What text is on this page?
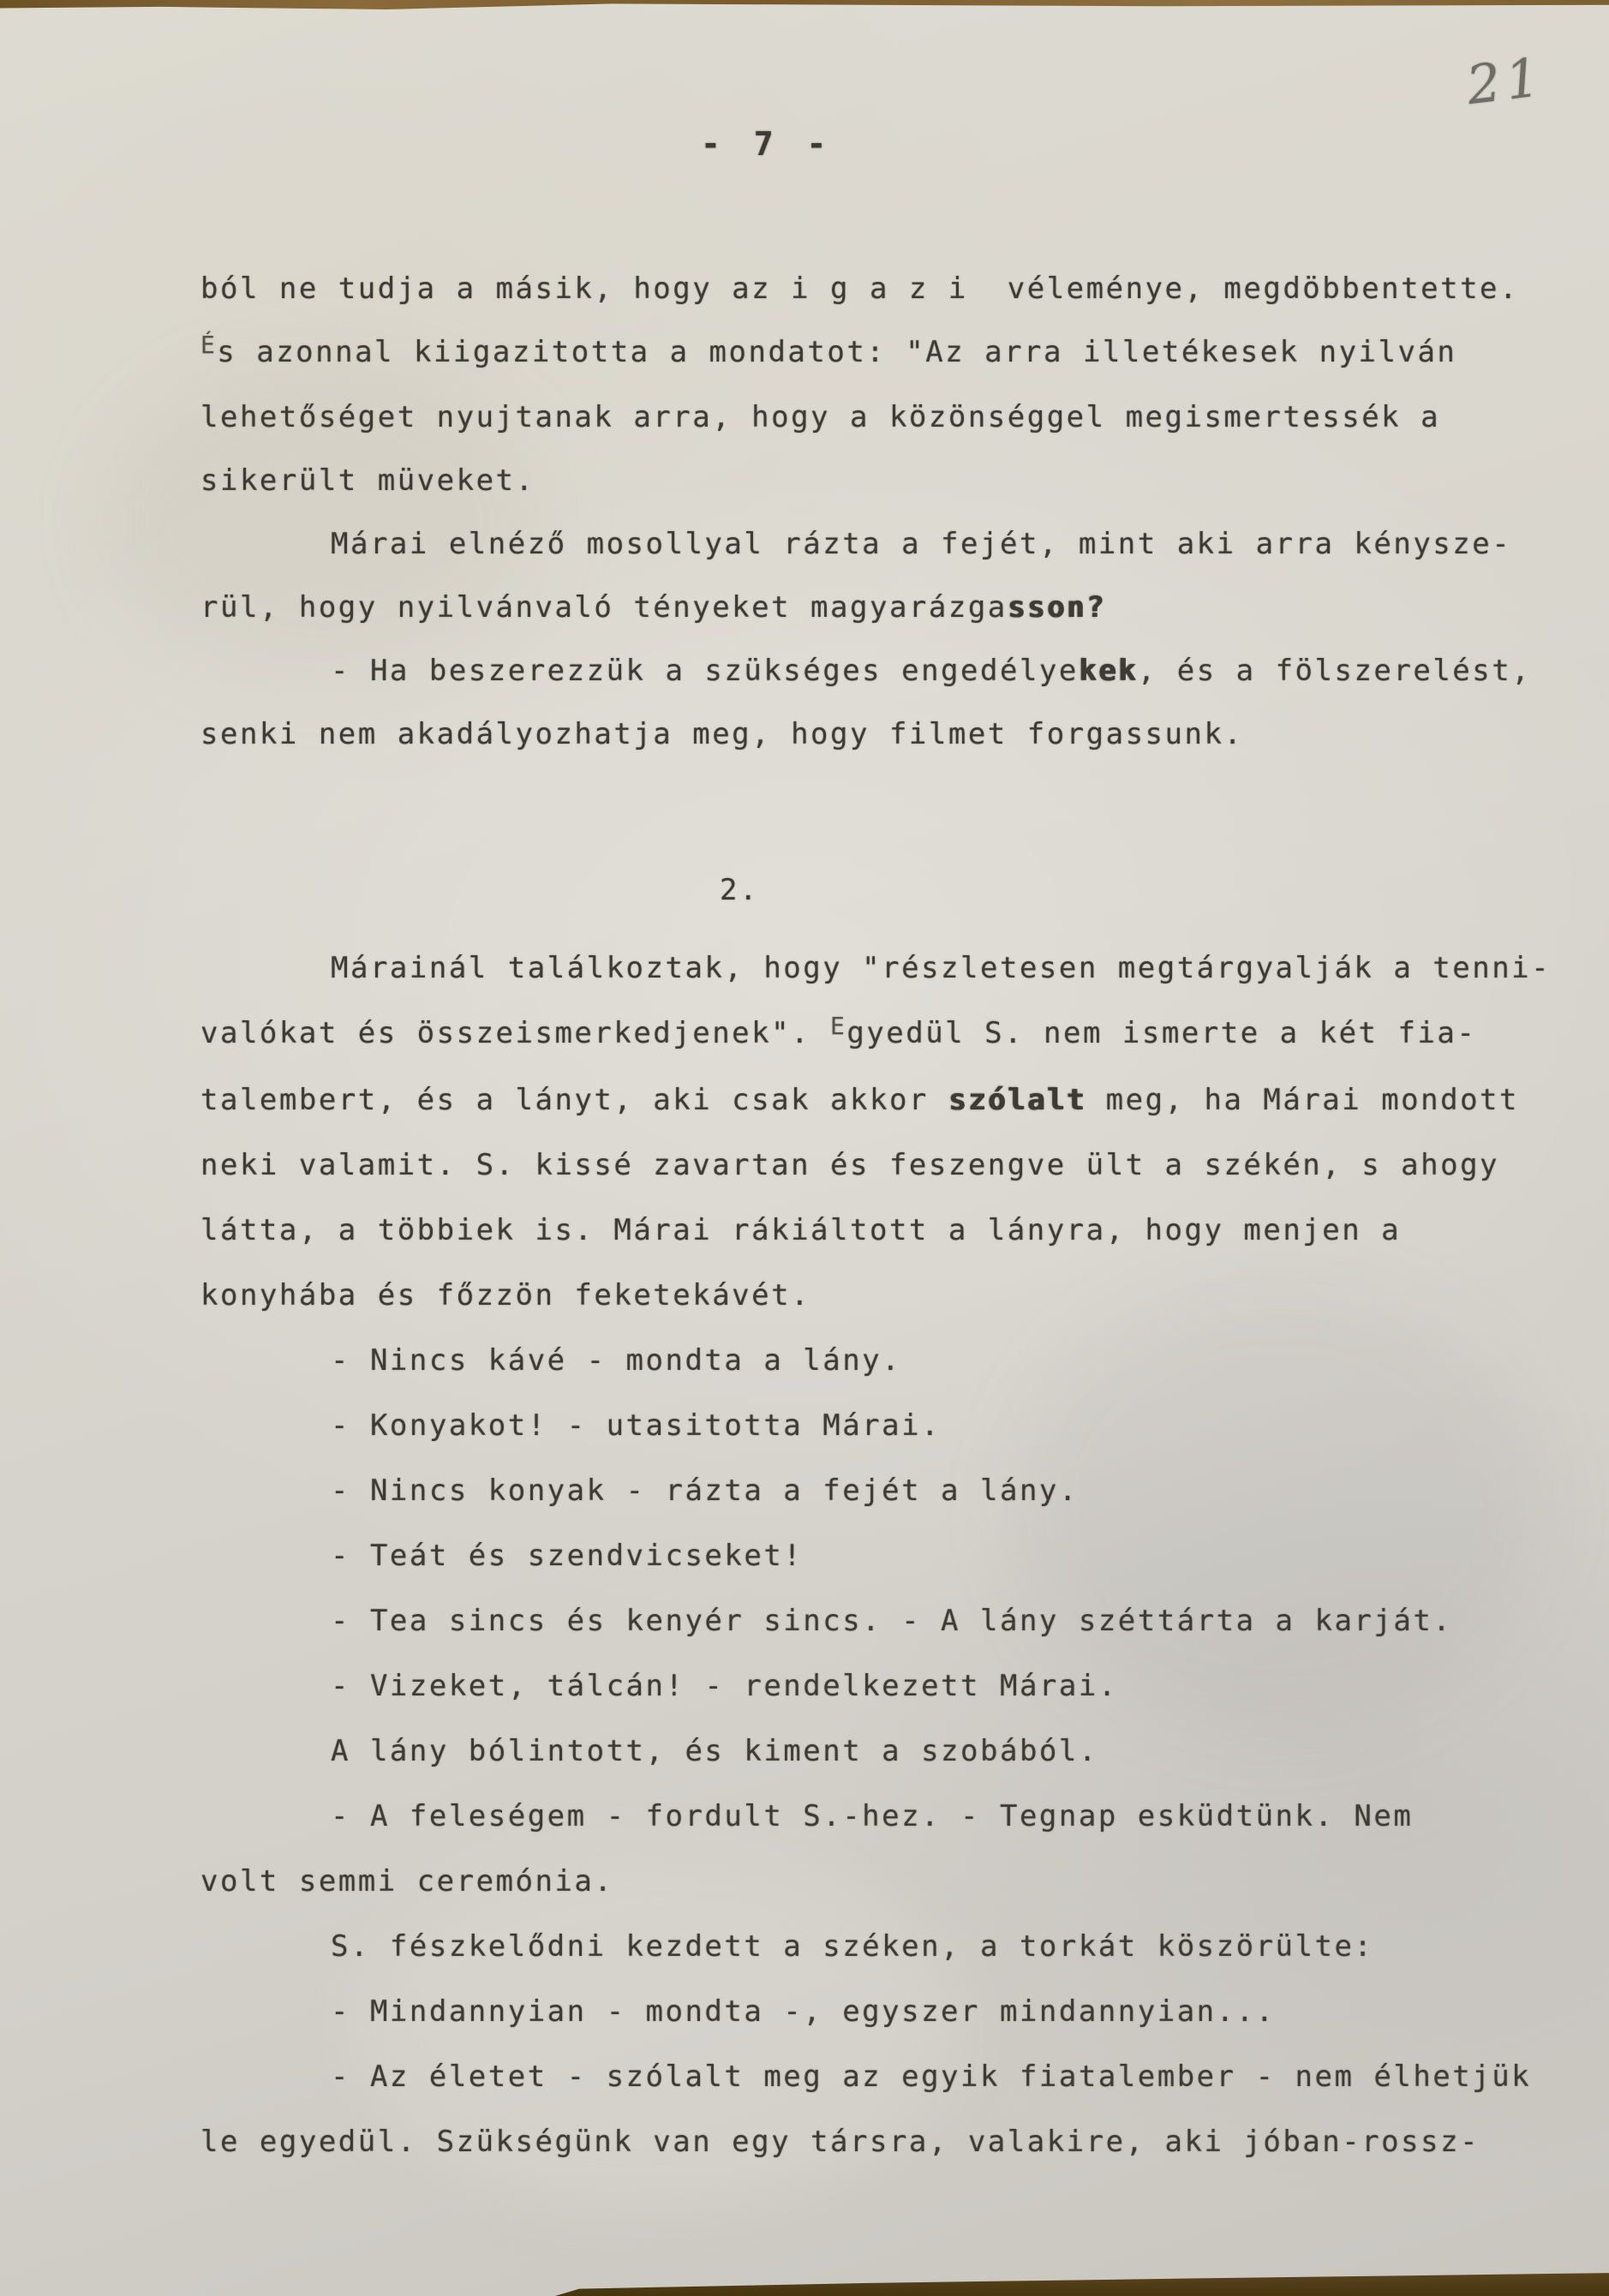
21
- 7 -
ból ne tudja a másik, hogy az i g a z i  véleménye, megdöbbentette.
És azonnal kiigazitotta a mondatot: "Az arra illetékesek nyilván
lehetőséget nyujtanak arra, hogy a közönséggel megismertessék a
sikerült müveket.
Márai elnéző mosollyal rázta a fejét, mint aki arra kénysze-
rül, hogy nyilvánvaló tényeket magyarázgasson?
- Ha beszerezzük a szükséges engedélyekek, és a fölszerelést,
senki nem akadályozhatja meg, hogy filmet forgassunk.
2.
Márainál találkoztak, hogy "részletesen megtárgyalják a tenni-
valókat és összeismerkedjenek". Egyedül S. nem ismerte a két fia-
talembert, és a lányt, aki csak akkor szólalt meg, ha Márai mondott
neki valamit. S. kissé zavartan és feszengve ült a székén, s ahogy
látta, a többiek is. Márai rákiáltott a lányra, hogy menjen a
konyhába és főzzön feketekávét.
- Nincs kávé - mondta a lány.
- Konyakot! - utasitotta Márai.
- Nincs konyak - rázta a fejét a lány.
- Teát és szendvicseket!
- Tea sincs és kenyér sincs. - A lány széttárta a karját.
- Vizeket, tálcán! - rendelkezett Márai.
A lány bólintott, és kiment a szobából.
- A feleségem - fordult S.-hez. - Tegnap esküdtünk. Nem
volt semmi ceremónia.
S. fészkelődni kezdett a széken, a torkát köszörülte:
- Mindannyian - mondta -, egyszer mindannyian...
- Az életet - szólalt meg az egyik fiatalember - nem élhetjük
le egyedül. Szükségünk van egy társra, valakire, aki jóban-rossz-
